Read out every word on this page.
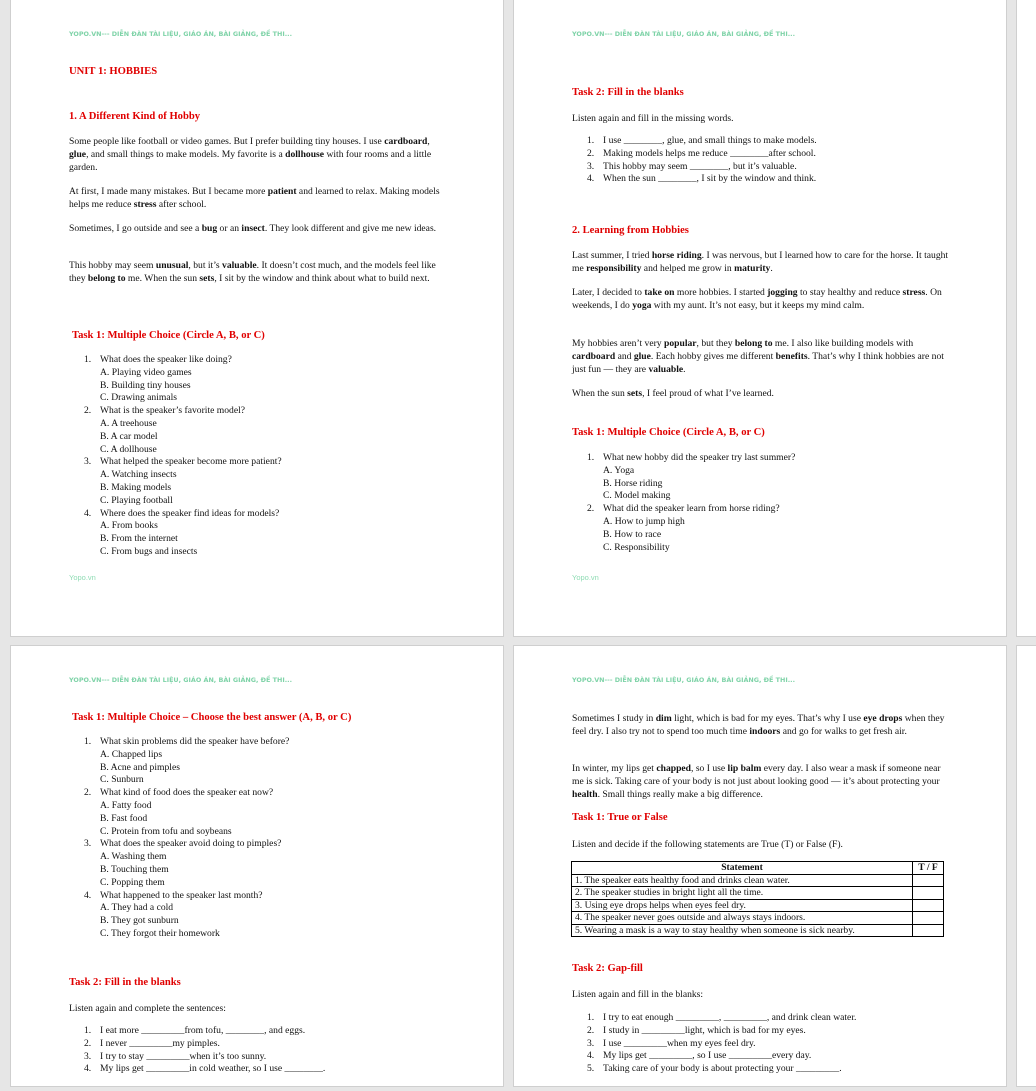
YOPO.VN--- DIỄN ĐÀN TÀI LIỆU, GIÁO ÁN, BÀI GIẢNG, ĐỀ THI...
UNIT 1: HOBBIES
1. A Different Kind of Hobby
Some people like football or video games. But I prefer building tiny houses. I use cardboard, glue, and small things to make models. My favorite is a dollhouse with four rooms and a little garden.
At first, I made many mistakes. But I became more patient and learned to relax. Making models helps me reduce stress after school.
Sometimes, I go outside and see a bug or an insect. They look different and give me new ideas.
This hobby may seem unusual, but it’s valuable. It doesn’t cost much, and the models feel like they belong to me. When the sun sets, I sit by the window and think about what to build next.
Task 1: Multiple Choice (Circle A, B, or C)
1. What does the speaker like doing?
A. Playing video games
B. Building tiny houses
C. Drawing animals
2. What is the speaker’s favorite model?
A. A treehouse
B. A car model
C. A dollhouse
3. What helped the speaker become more patient?
A. Watching insects
B. Making models
C. Playing football
4. Where does the speaker find ideas for models?
A. From books
B. From the internet
C. From bugs and insects
Yopo.vn
YOPO.VN--- DIỄN ĐÀN TÀI LIỆU, GIÁO ÁN, BÀI GIẢNG, ĐỀ THI...
Task 2: Fill in the blanks
Listen again and fill in the missing words.
1. I use ________, glue, and small things to make models.
2. Making models helps me reduce ________after school.
3. This hobby may seem ________, but it’s valuable.
4. When the sun ________, I sit by the window and think.
2. Learning from Hobbies
Last summer, I tried horse riding. I was nervous, but I learned how to care for the horse. It taught me responsibility and helped me grow in maturity.
Later, I decided to take on more hobbies. I started jogging to stay healthy and reduce stress. On weekends, I do yoga with my aunt. It’s not easy, but it keeps my mind calm.
My hobbies aren’t very popular, but they belong to me. I also like building models with cardboard and glue. Each hobby gives me different benefits. That’s why I think hobbies are not just fun — they are valuable.
When the sun sets, I feel proud of what I’ve learned.
Task 1: Multiple Choice (Circle A, B, or C)
1. What new hobby did the speaker try last summer?
A. Yoga
B. Horse riding
C. Model making
2. What did the speaker learn from horse riding?
A. How to jump high
B. How to race
C. Responsibility
Yopo.vn
YOPO.VN--- DIỄN ĐÀN TÀI LIỆU, GIÁO ÁN, BÀI GIẢNG, ĐỀ THI...
Task 1: Multiple Choice – Choose the best answer (A, B, or C)
1. What skin problems did the speaker have before?
A. Chapped lips
B. Acne and pimples
C. Sunburn
2. What kind of food does the speaker eat now?
A. Fatty food
B. Fast food
C. Protein from tofu and soybeans
3. What does the speaker avoid doing to pimples?
A. Washing them
B. Touching them
C. Popping them
4. What happened to the speaker last month?
A. They had a cold
B. They got sunburn
C. They forgot their homework
Task 2: Fill in the blanks
Listen again and complete the sentences:
1. I eat more _________from tofu, ________, and eggs.
2. I never _________my pimples.
3. I try to stay _________when it’s too sunny.
4. My lips get _________in cold weather, so I use ________.
YOPO.VN--- DIỄN ĐÀN TÀI LIỆU, GIÁO ÁN, BÀI GIẢNG, ĐỀ THI...
Sometimes I study in dim light, which is bad for my eyes. That’s why I use eye drops when they feel dry. I also try not to spend too much time indoors and go for walks to get fresh air.
In winter, my lips get chapped, so I use lip balm every day. I also wear a mask if someone near me is sick. Taking care of your body is not just about looking good — it’s about protecting your health. Small things really make a big difference.
Task 1: True or False
Listen and decide if the following statements are True (T) or False (F).
Statement	T / F
1. The speaker eats healthy food and drinks clean water.	
2. The speaker studies in bright light all the time.	
3. Using eye drops helps when eyes feel dry.	
4. The speaker never goes outside and always stays indoors.	
5. Wearing a mask is a way to stay healthy when someone is sick nearby.	
Task 2: Gap-fill
Listen again and fill in the blanks:
1. I try to eat enough _________, _________, and drink clean water.
2. I study in _________light, which is bad for my eyes.
3. I use _________when my eyes feel dry.
4. My lips get _________, so I use _________every day.
5. Taking care of your body is about protecting your _________.
